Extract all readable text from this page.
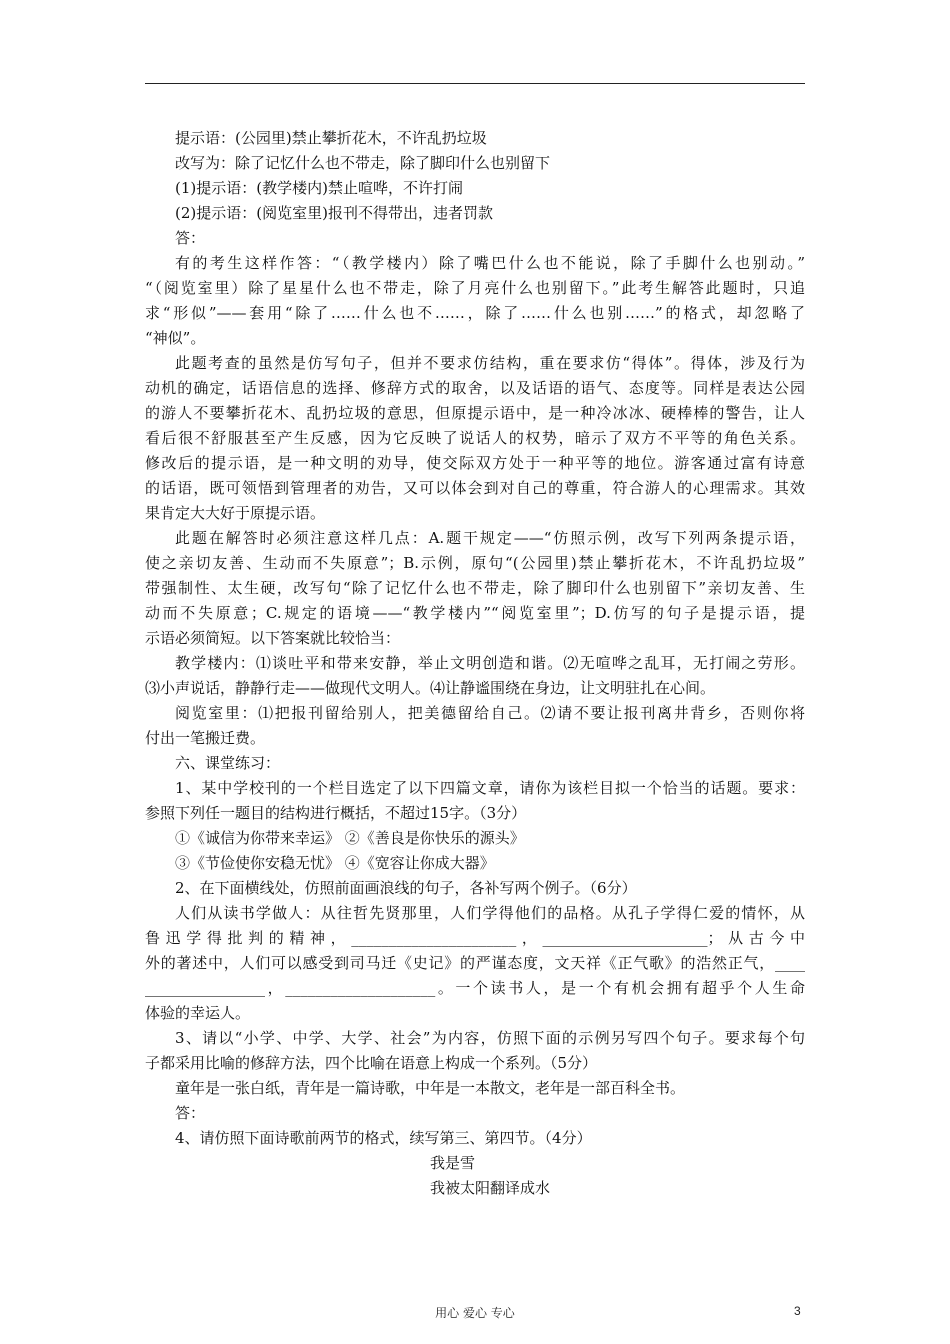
提示语：(公园里)禁止攀折花木，不许乱扔垃圾
改写为：除了记忆什么也不带走，除了脚印什么也别留下
(1)提示语：(教学楼内)禁止喧哗，不许打闹
(2)提示语：(阅览室里)报刊不得带出，违者罚款
答：
有的考生这样作答：“（教学楼内）除了嘴巴什么也不能说，除了手脚什么也别动。”
“（阅览室里）除了星星什么也不带走，除了月亮什么也别留下。”此考生解答此题时，只追
求“形似”——套用“除了……什么也不……，除了……什么也别……”的格式，却忽略了
“神似”。
此题考查的虽然是仿写句子，但并不要求仿结构，重在要求仿“得体”。得体，涉及行为
动机的确定，话语信息的选择、修辞方式的取舍，以及话语的语气、态度等。同样是表达公园
的游人不要攀折花木、乱扔垃圾的意思，但原提示语中，是一种冷冰冰、硬棒棒的警告，让人
看后很不舒服甚至产生反感，因为它反映了说话人的权势，暗示了双方不平等的角色关系。
修改后的提示语，是一种文明的劝导，使交际双方处于一种平等的地位。游客通过富有诗意
的话语，既可领悟到管理者的劝告，又可以体会到对自己的尊重，符合游人的心理需求。其效
果肯定大大好于原提示语。
此题在解答时必须注意这样几点：A.题干规定——“仿照示例，改写下列两条提示语，
使之亲切友善、生动而不失原意”；B.示例，原句“(公园里)禁止攀折花木，不许乱扔垃圾”
带强制性、太生硬，改写句“除了记忆什么也不带走，除了脚印什么也别留下”亲切友善、生
动而不失原意；C.规定的语境——“教学楼内”“阅览室里”；D.仿写的句子是提示语，提
示语必须简短。以下答案就比较恰当：
教学楼内：⑴谈吐平和带来安静，举止文明创造和谐。⑵无喧哗之乱耳，无打闹之劳形。
⑶小声说话，静静行走——做现代文明人。⑷让静谧围绕在身边，让文明驻扎在心间。
阅览室里：⑴把报刊留给别人，把美德留给自己。⑵请不要让报刊离井背乡，否则你将
付出一笔搬迁费。
六、课堂练习：
1、某中学校刊的一个栏目选定了以下四篇文章，请你为该栏目拟一个恰当的话题。要求：
参照下列任一题目的结构进行概括，不超过15字。（3分）
①《诚信为你带来幸运》 ②《善良是你快乐的源头》
③《节俭使你安稳无忧》 ④《宽容让你成大器》
2、在下面横线处，仿照前面画浪线的句子，各补写两个例子。（6分）
人们从读书学做人：从往哲先贤那里，人们学得他们的品格。从孔子学得仁爱的情怀，从
鲁迅学得批判的精神，______________________，______________________；从古今中
外的著述中，人们可以感受到司马迁《史记》的严谨态度，文天祥《正气歌》的浩然正气，____
________________，____________________。一个读书人，是一个有机会拥有超乎个人生命
体验的幸运人。
3、请以“小学、中学、大学、社会”为内容，仿照下面的示例另写四个句子。要求每个句
子都采用比喻的修辞方法，四个比喻在语意上构成一个系列。（5分）
童年是一张白纸，青年是一篇诗歌，中年是一本散文，老年是一部百科全书。
答：
4、请仿照下面诗歌前两节的格式，续写第三、第四节。（4分）
我是雪
我被太阳翻译成水
用心 爱心 专心	3
